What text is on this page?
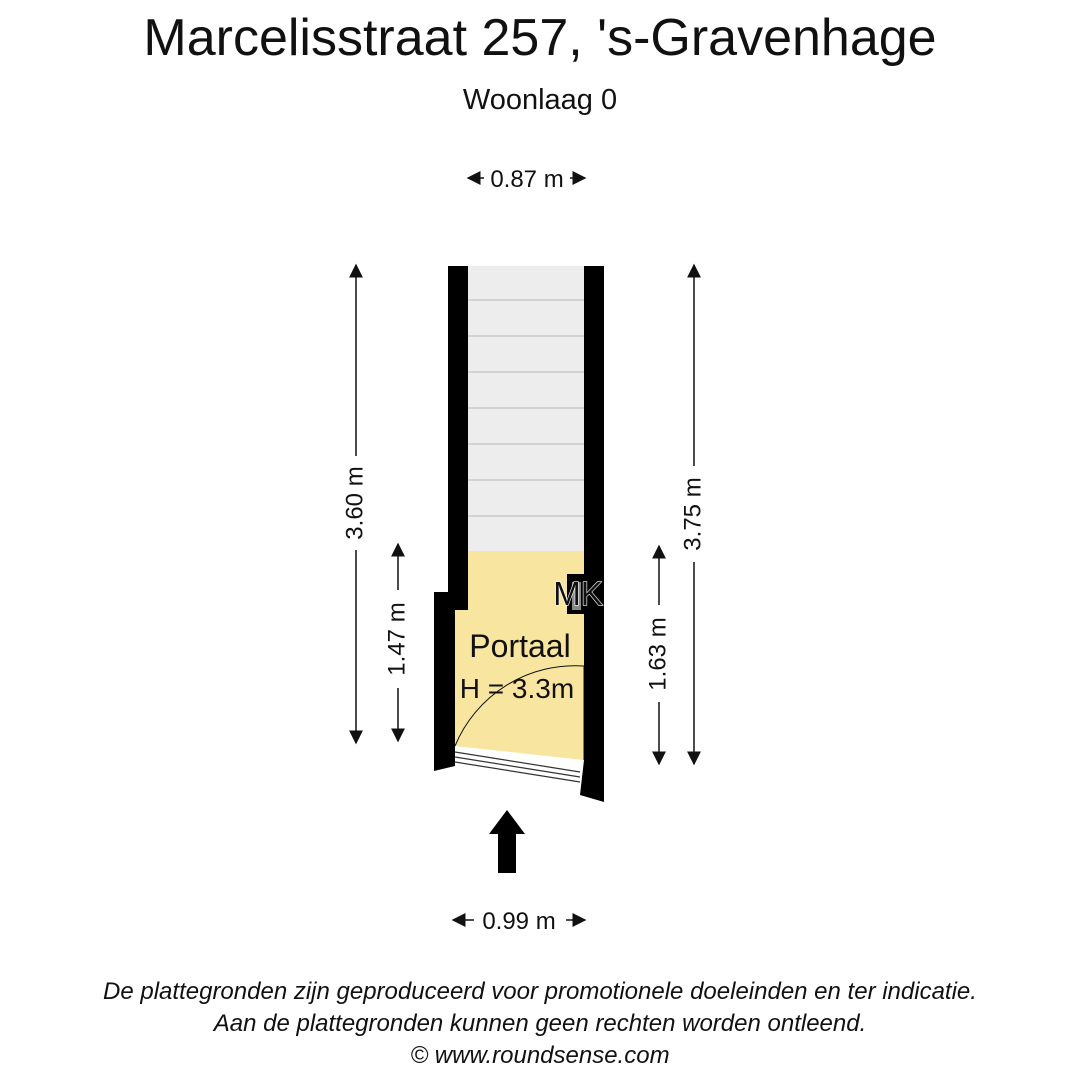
Marcelisstraat 257, 's-Gravenhage
Woonlaag 0
MK
Portaal
H = 3.3m
0.87 m
0.99 m
3.60 m
1.47 m	1.63 m
3.75 m
De plattegronden zijn geproduceerd voor promotionele doeleinden en ter indicatie.
Aan de plattegronden kunnen geen rechten worden ontleend.
© www.roundsense.com
